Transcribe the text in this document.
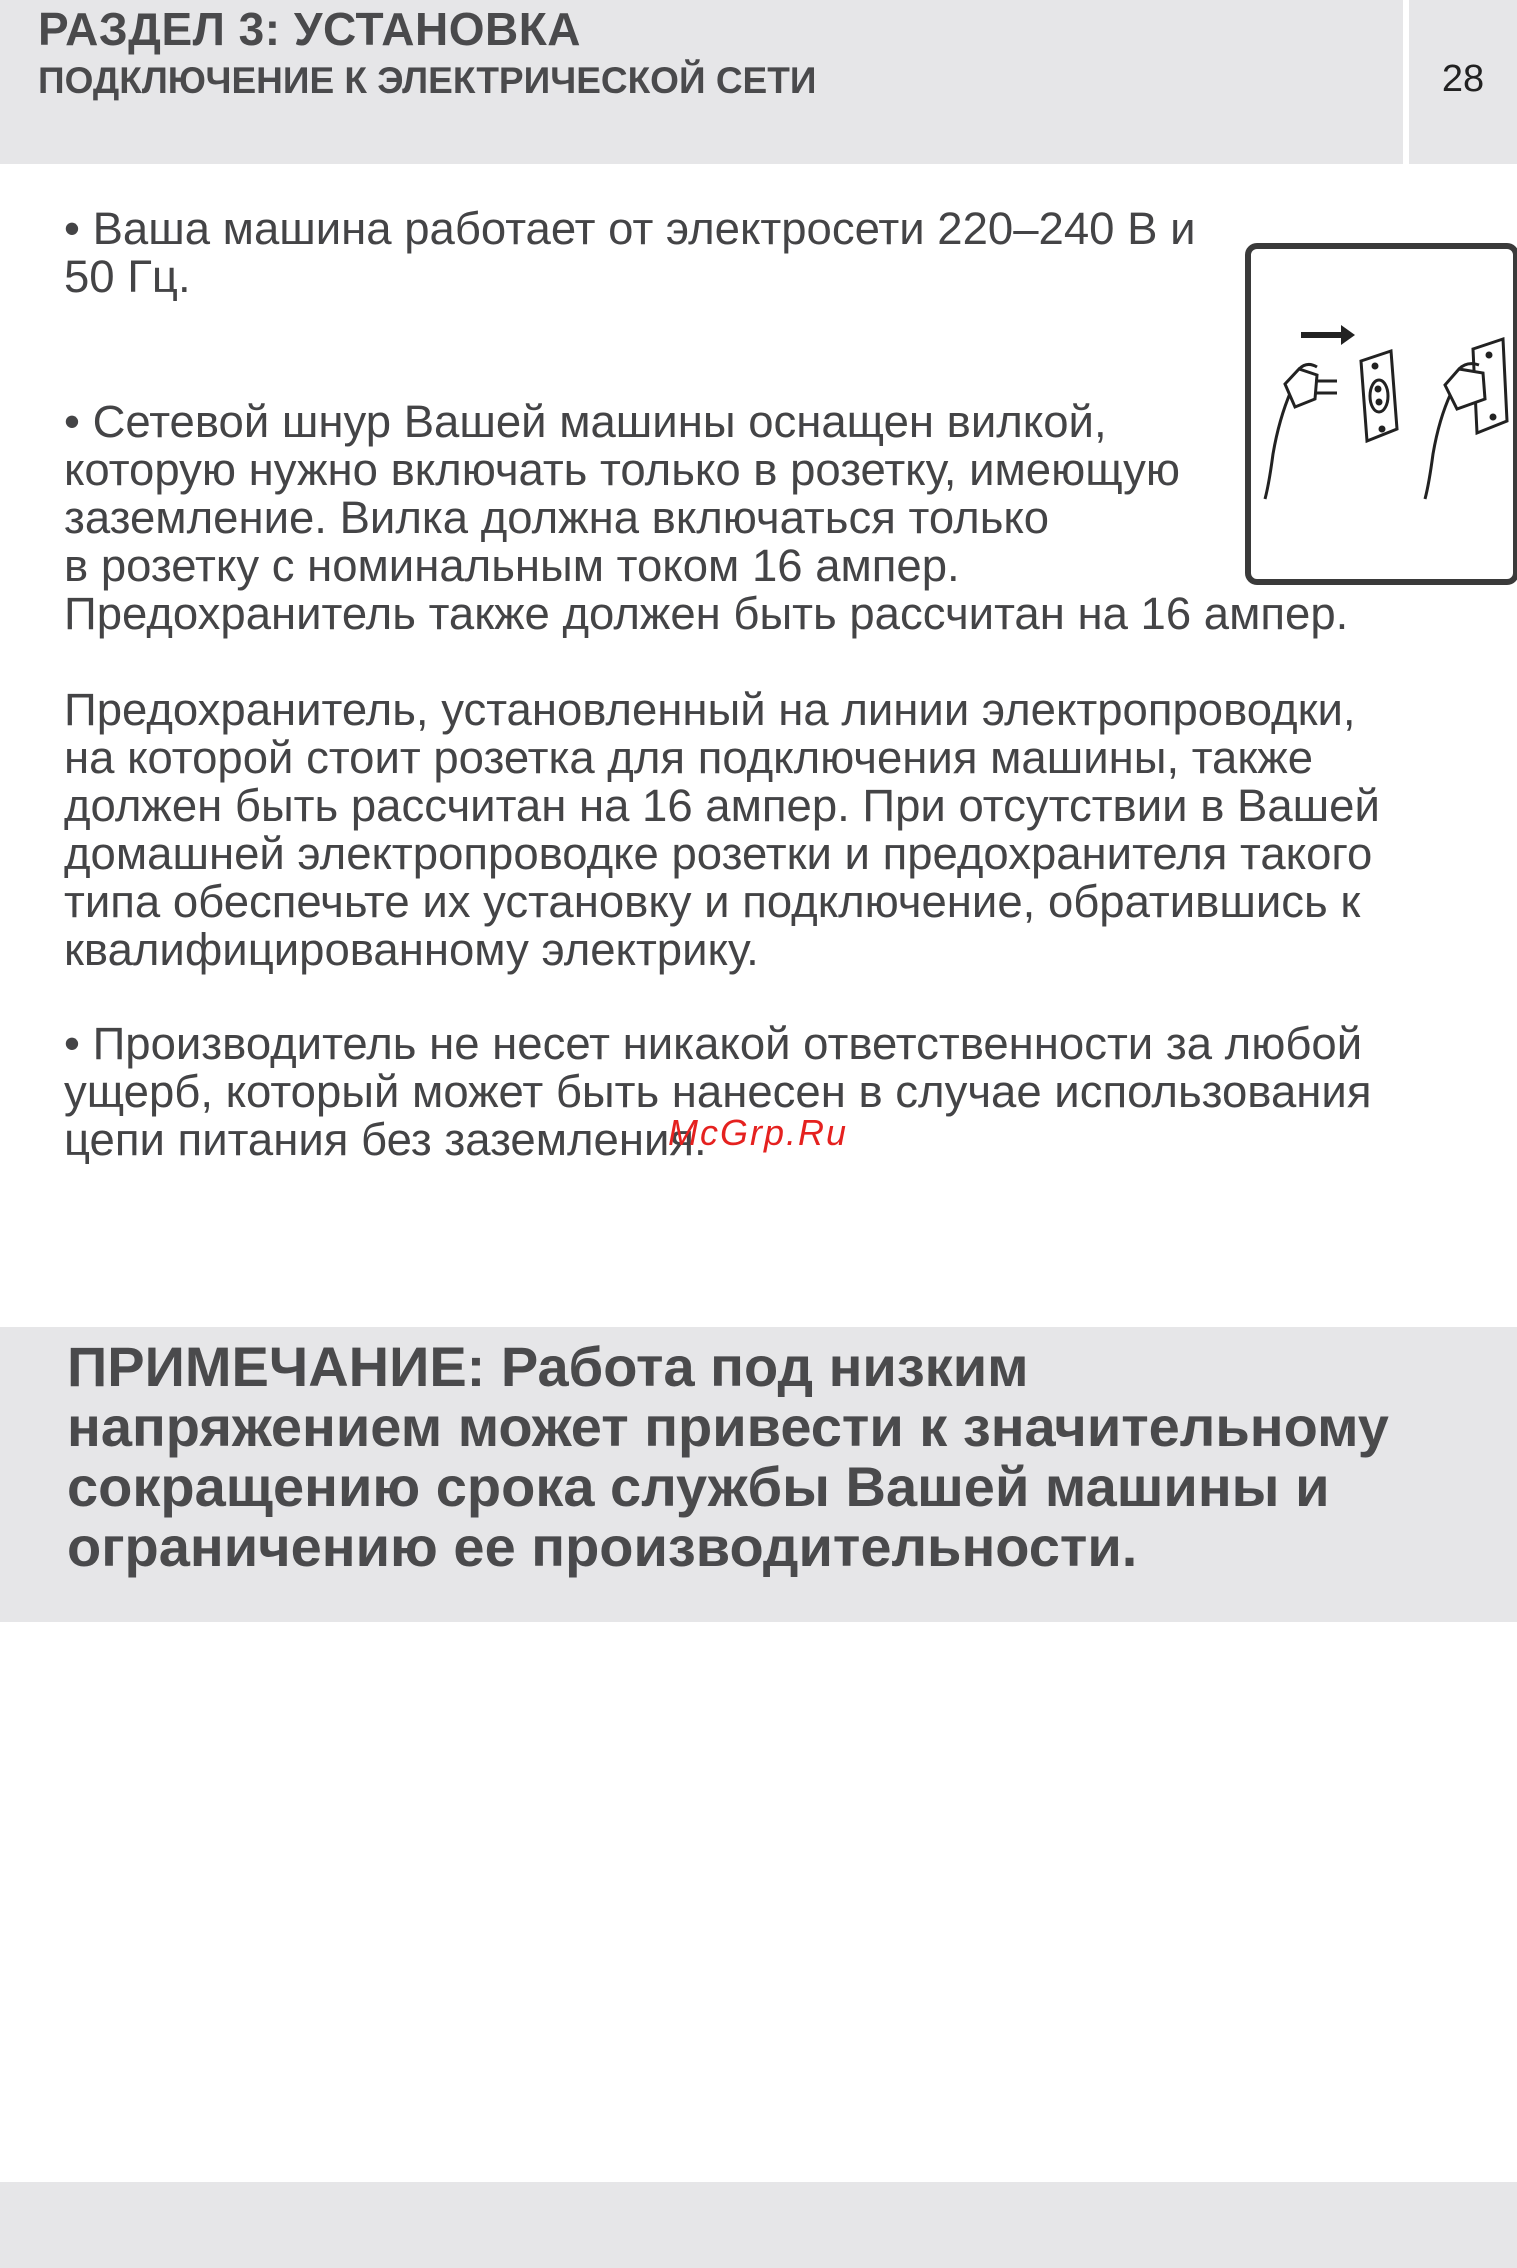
РАЗДЕЛ 3: УСТАНОВКА
ПОДКЛЮЧЕНИЕ К ЭЛЕКТРИЧЕСКОЙ СЕТИ	28
• Ваша машина работает от электросети 220–240 В и
50 Гц.
• Сетевой шнур Вашей машины оснащен вилкой,
которую нужно включать только в розетку, имеющую
заземление. Вилка должна включаться только
в розетку с номинальным током 16 ампер.
Предохранитель также должен быть рассчитан на 16 ампер.
Предохранитель, установленный на линии электропроводки,
на которой стоит розетка для подключения машины, также
должен быть рассчитан на 16 ампер. При отсутствии в Вашей
домашней электропроводке розетки и предохранителя такого
типа обеспечьте их установку и подключение, обратившись к
квалифицированному электрику.
• Производитель не несет никакой ответственности за любой
ущерб, который может быть нанесен в случае использования
цепи питания без заземления.
McGrp.Ru
ПРИМЕЧАНИЕ: Работа под низким
напряжением может привести к значительному
сокращению срока службы Вашей машины и
ограничению ее производительности.
